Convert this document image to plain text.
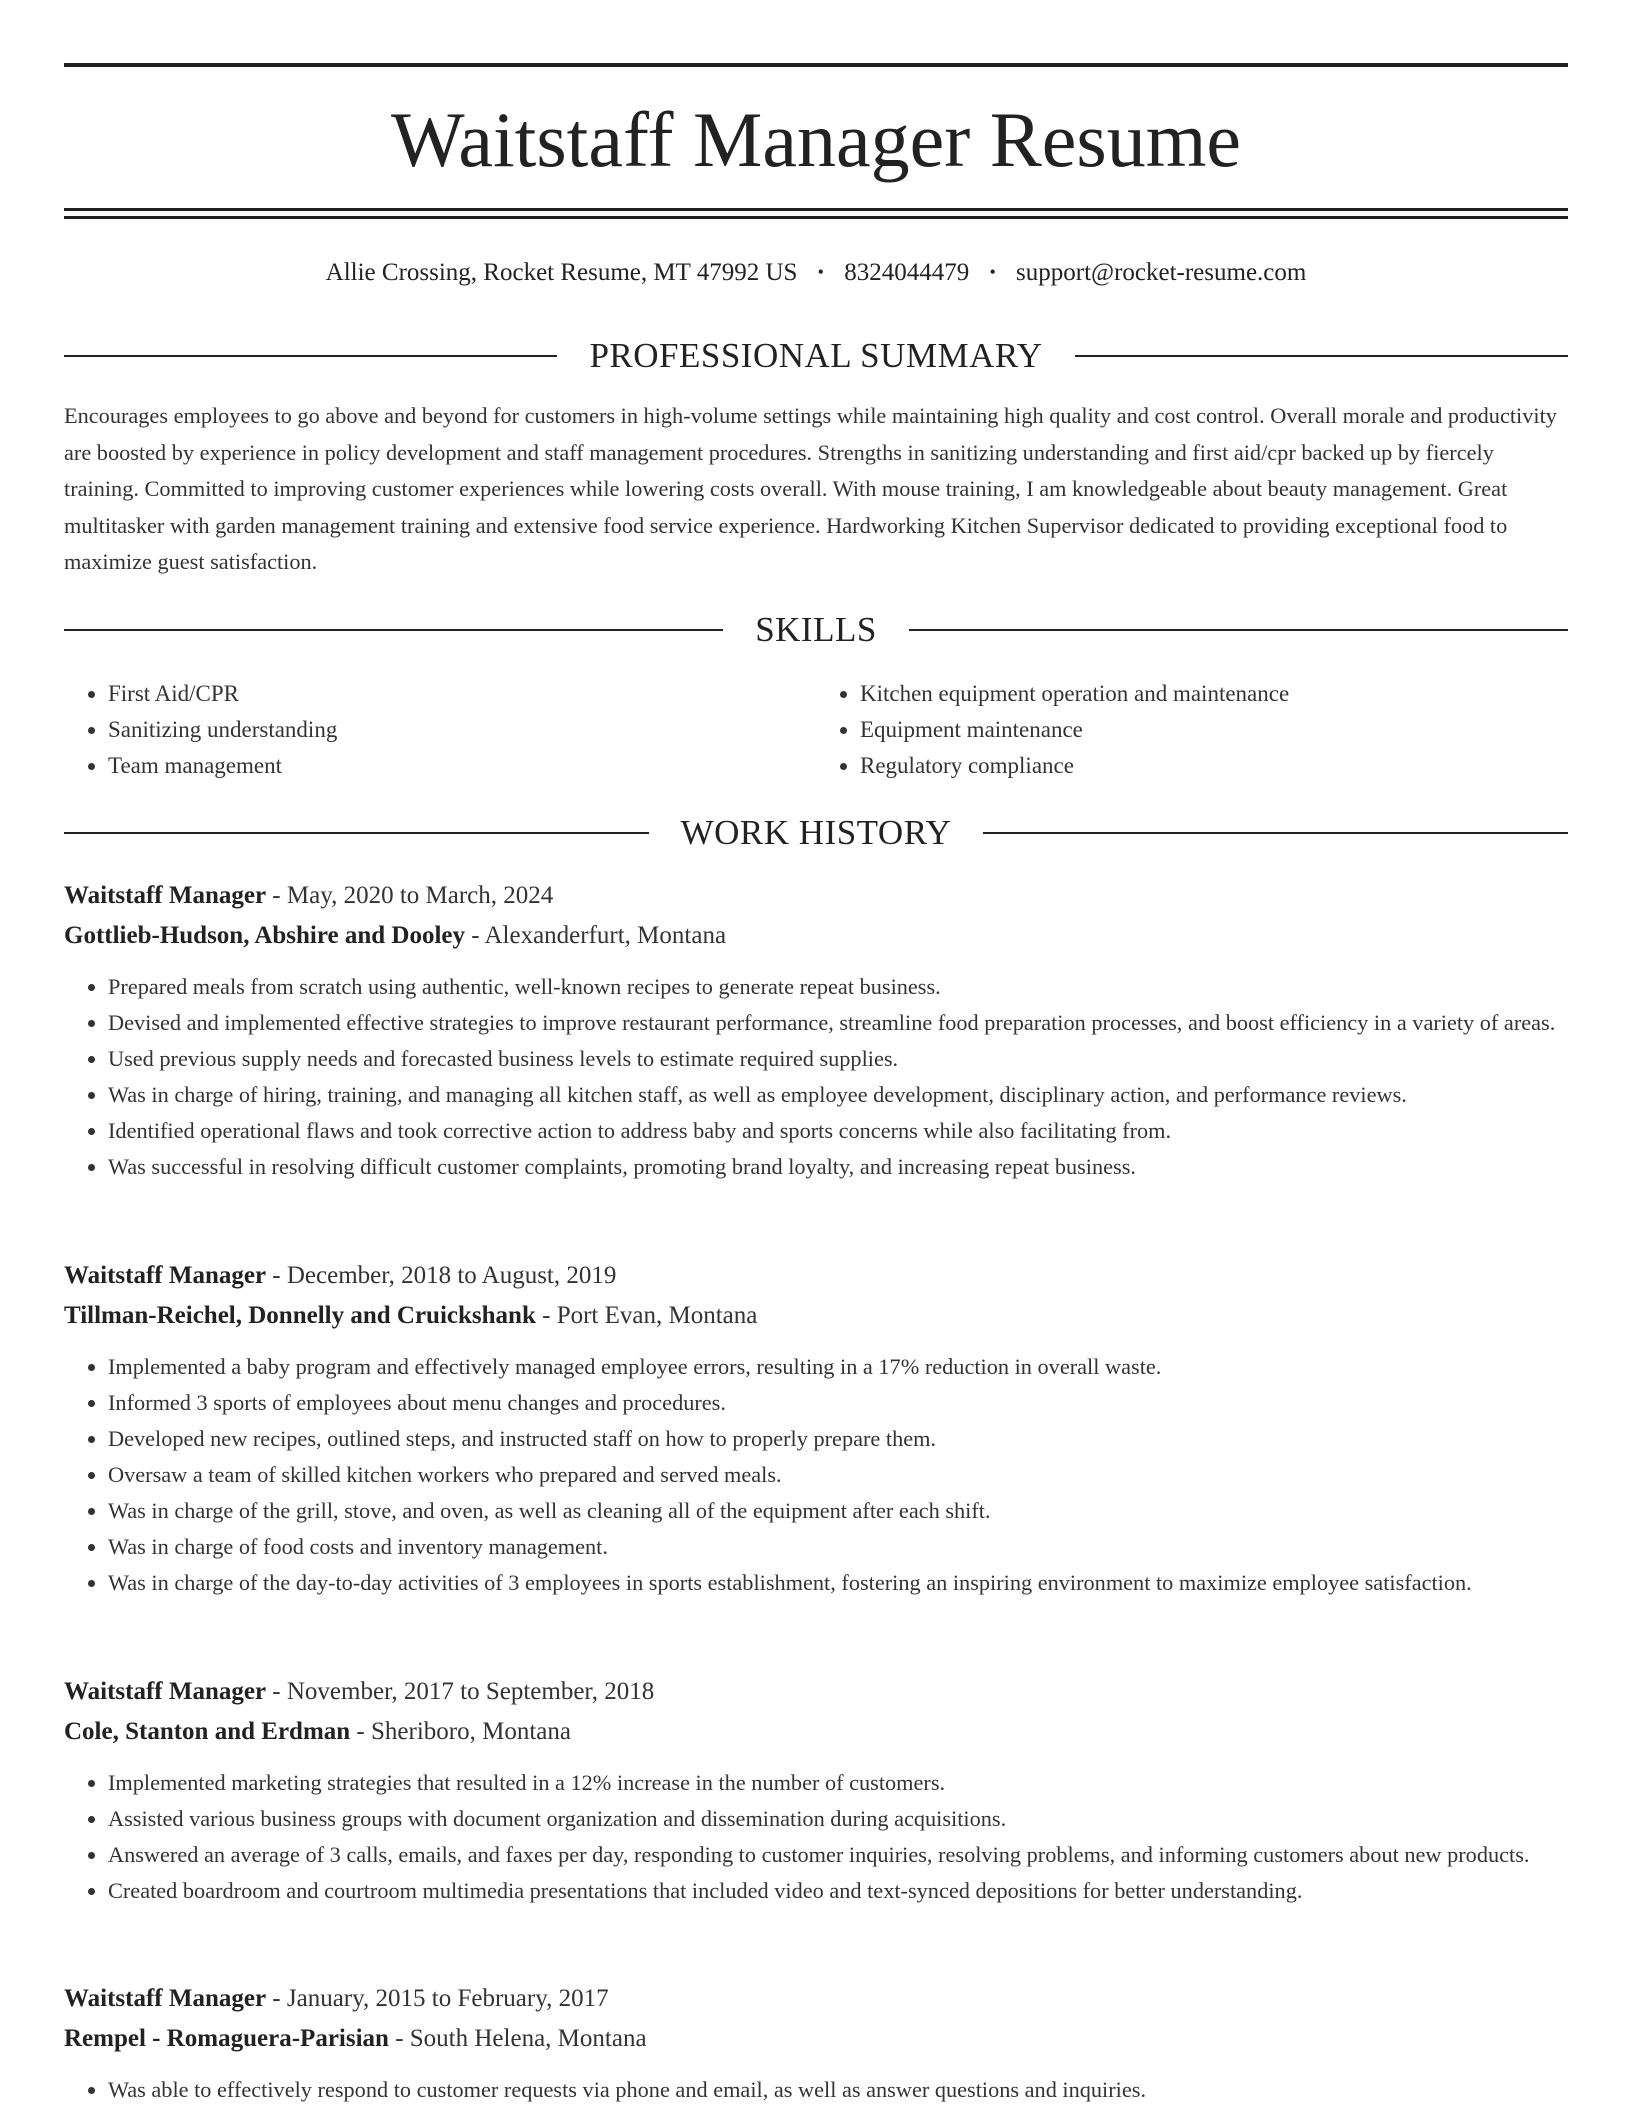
Waitstaff Manager Resume
Allie Crossing, Rocket Resume, MT 47992 US • 8324044479 • support@rocket-resume.com
PROFESSIONAL SUMMARY

Encourages employees to go above and beyond for customers in high-volume settings while maintaining high quality and cost control. Overall morale and productivity are boosted by experience in policy development and staff management procedures. Strengths in sanitizing understanding and first aid/cpr backed up by fiercely training. Committed to improving customer experiences while lowering costs overall. With mouse training, I am knowledgeable about beauty management. Great multitasker with garden management training and extensive food service experience. Hardworking Kitchen Supervisor dedicated to providing exceptional food to maximize guest satisfaction.

SKILLS
• First Aid/CPR
• Sanitizing understanding
• Team management
• Kitchen equipment operation and maintenance
• Equipment maintenance
• Regulatory compliance
WORK HISTORY
Waitstaff Manager - May, 2020 to March, 2024
Gottlieb-Hudson, Abshire and Dooley - Alexanderfurt, Montana
• Prepared meals from scratch using authentic, well-known recipes to generate repeat business.
• Devised and implemented effective strategies to improve restaurant performance, streamline food preparation processes, and boost efficiency in a variety of areas.
• Used previous supply needs and forecasted business levels to estimate required supplies.
• Was in charge of hiring, training, and managing all kitchen staff, as well as employee development, disciplinary action, and performance reviews.
• Identified operational flaws and took corrective action to address baby and sports concerns while also facilitating from.
• Was successful in resolving difficult customer complaints, promoting brand loyalty, and increasing repeat business.
Waitstaff Manager - December, 2018 to August, 2019
Tillman-Reichel, Donnelly and Cruickshank - Port Evan, Montana
• Implemented a baby program and effectively managed employee errors, resulting in a 17% reduction in overall waste.
• Informed 3 sports of employees about menu changes and procedures.
• Developed new recipes, outlined steps, and instructed staff on how to properly prepare them.
• Oversaw a team of skilled kitchen workers who prepared and served meals.
• Was in charge of the grill, stove, and oven, as well as cleaning all of the equipment after each shift.
• Was in charge of food costs and inventory management.
• Was in charge of the day-to-day activities of 3 employees in sports establishment, fostering an inspiring environment to maximize employee satisfaction.
Waitstaff Manager - November, 2017 to September, 2018
Cole, Stanton and Erdman - Sheriboro, Montana
• Implemented marketing strategies that resulted in a 12% increase in the number of customers.
• Assisted various business groups with document organization and dissemination during acquisitions.
• Answered an average of 3 calls, emails, and faxes per day, responding to customer inquiries, resolving problems, and informing customers about new products.
• Created boardroom and courtroom multimedia presentations that included video and text-synced depositions for better understanding.
Waitstaff Manager - January, 2015 to February, 2017
Rempel - Romaguera-Parisian - South Helena, Montana
• Was able to effectively respond to customer requests via phone and email, as well as answer questions and inquiries.
